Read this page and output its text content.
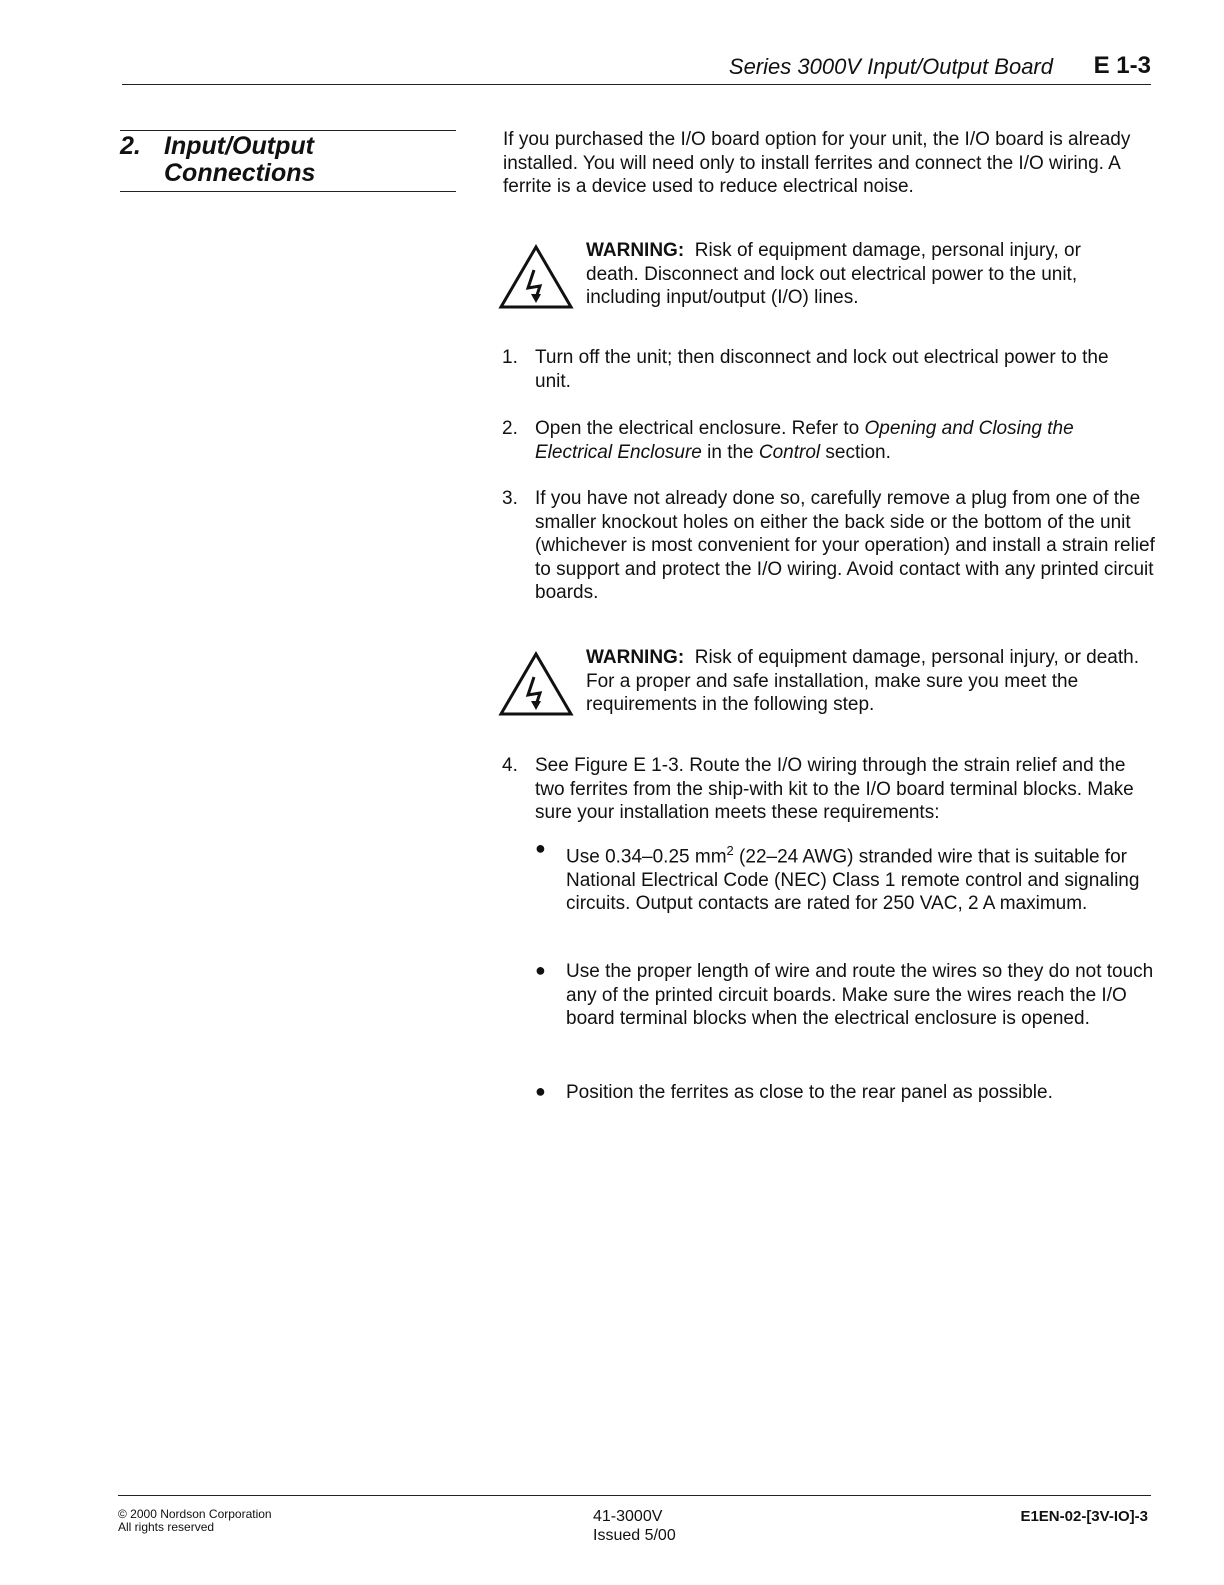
Series 3000V Input/Output Board E 1-3
2. Input/Output
Connections

If you purchased the I/O board option for your unit, the I/O board is already installed. You will need only to install ferrites and connect the I/O wiring. A ferrite is a device used to reduce electrical noise.

WARNING: Risk of equipment damage, personal injury, or death. Disconnect and lock out electrical power to the unit, including input/output (I/O) lines.

1. Turn off the unit; then disconnect and lock out electrical power to the unit.

2. Open the electrical enclosure. Refer to Opening and Closing the Electrical Enclosure in the Control section.

3. If you have not already done so, carefully remove a plug from one of the smaller knockout holes on either the back side or the bottom of the unit (whichever is most convenient for your operation) and install a strain relief to support and protect the I/O wiring. Avoid contact with any printed circuit boards.

WARNING: Risk of equipment damage, personal injury, or death. For a proper and safe installation, make sure you meet the requirements in the following step.

4. See Figure E 1-3. Route the I/O wiring through the strain relief and the two ferrites from the ship-with kit to the I/O board terminal blocks. Make sure your installation meets these requirements:

● Use 0.34–0.25 $mm^2$ (22–24 AWG) stranded wire that is suitable for National Electrical Code (NEC) Class 1 remote control and signaling circuits. Output contacts are rated for 250 VAC, 2 A maximum.

● Use the proper length of wire and route the wires so they do not touch any of the printed circuit boards. Make sure the wires reach the I/O board terminal blocks when the electrical enclosure is opened.

● Position the ferrites as close to the rear panel as possible.

© 2000 Nordson Corporation
All rights reserved
41-3000V
Issued 5/00
E1EN-02-[3V-IO]-3
